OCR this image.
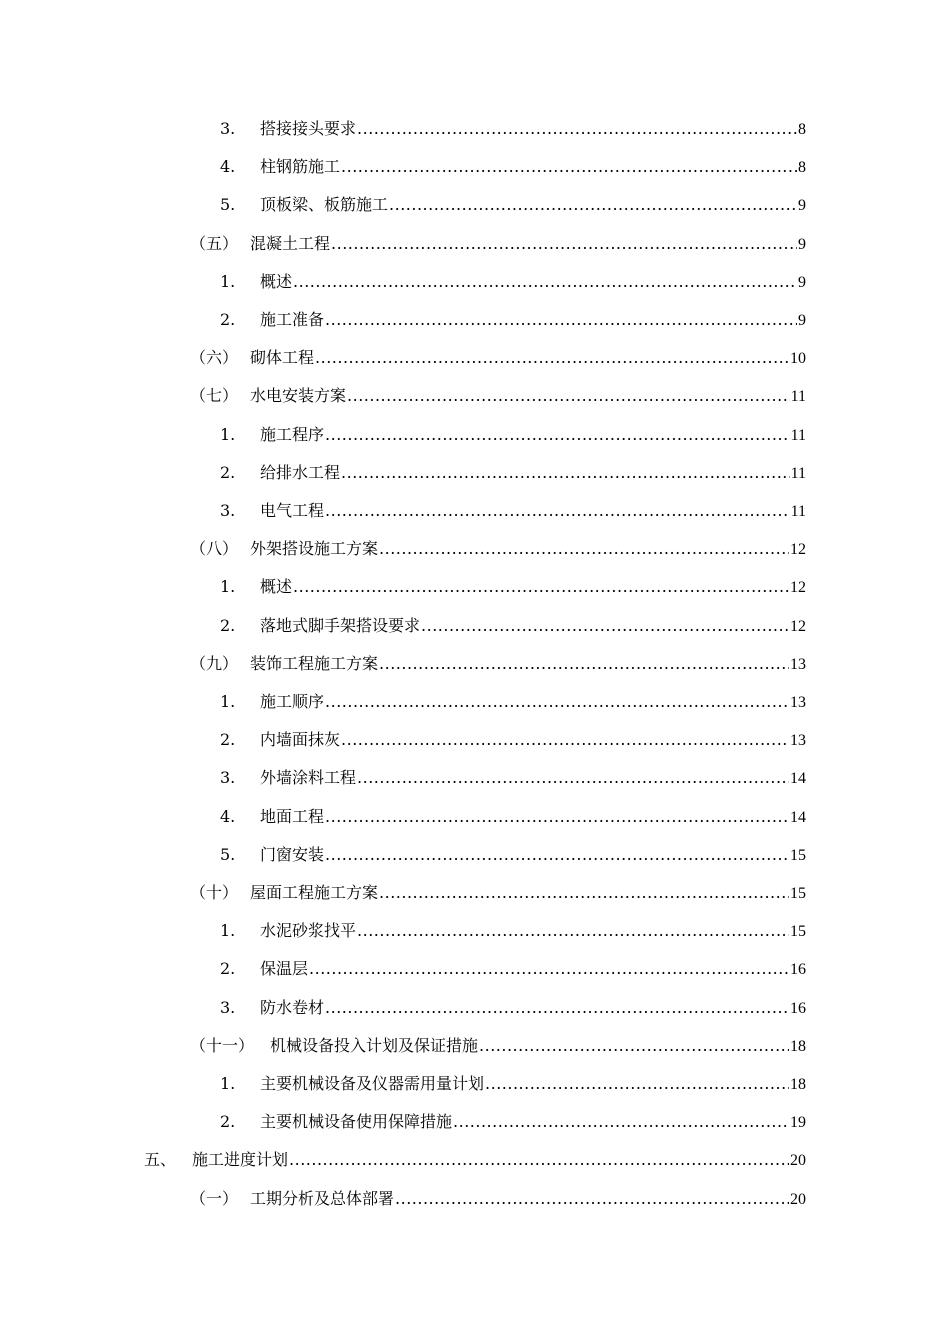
3.	搭接接头要求 .....	8
4.	柱钢筋施工 .....	8
5.	顶板梁、板筋施工 .....	9
（五） 混凝土工程 .....	9
1.	概述 .....	9
2.	施工准备 .....	9
（六） 砌体工程 .....	10
（七） 水电安装方案 .....	11
1.	施工程序 .....	11
2.	给排水工程 .....	11
3.	电气工程 .....	11
（八） 外架搭设施工方案 .....	12
1.	概述 .....	12
2.	落地式脚手架搭设要求 .....	12
（九） 装饰工程施工方案 .....	13
1.	施工顺序 .....	13
2.	内墙面抹灰 .....	13
3.	外墙涂料工程 .....	14
4.	地面工程 .....	14
5.	门窗安装 .....	15
（十） 屋面工程施工方案 .....	15
1.	水泥砂浆找平 .....	15
2.	保温层 .....	16
3.	防水卷材 .....	16
（十一） 机械设备投入计划及保证措施 .....	18
1.	主要机械设备及仪器需用量计划 .....	18
2.	主要机械设备使用保障措施 .....	19
五、 施工进度计划 .....	20
（一） 工期分析及总体部署 .....	20
